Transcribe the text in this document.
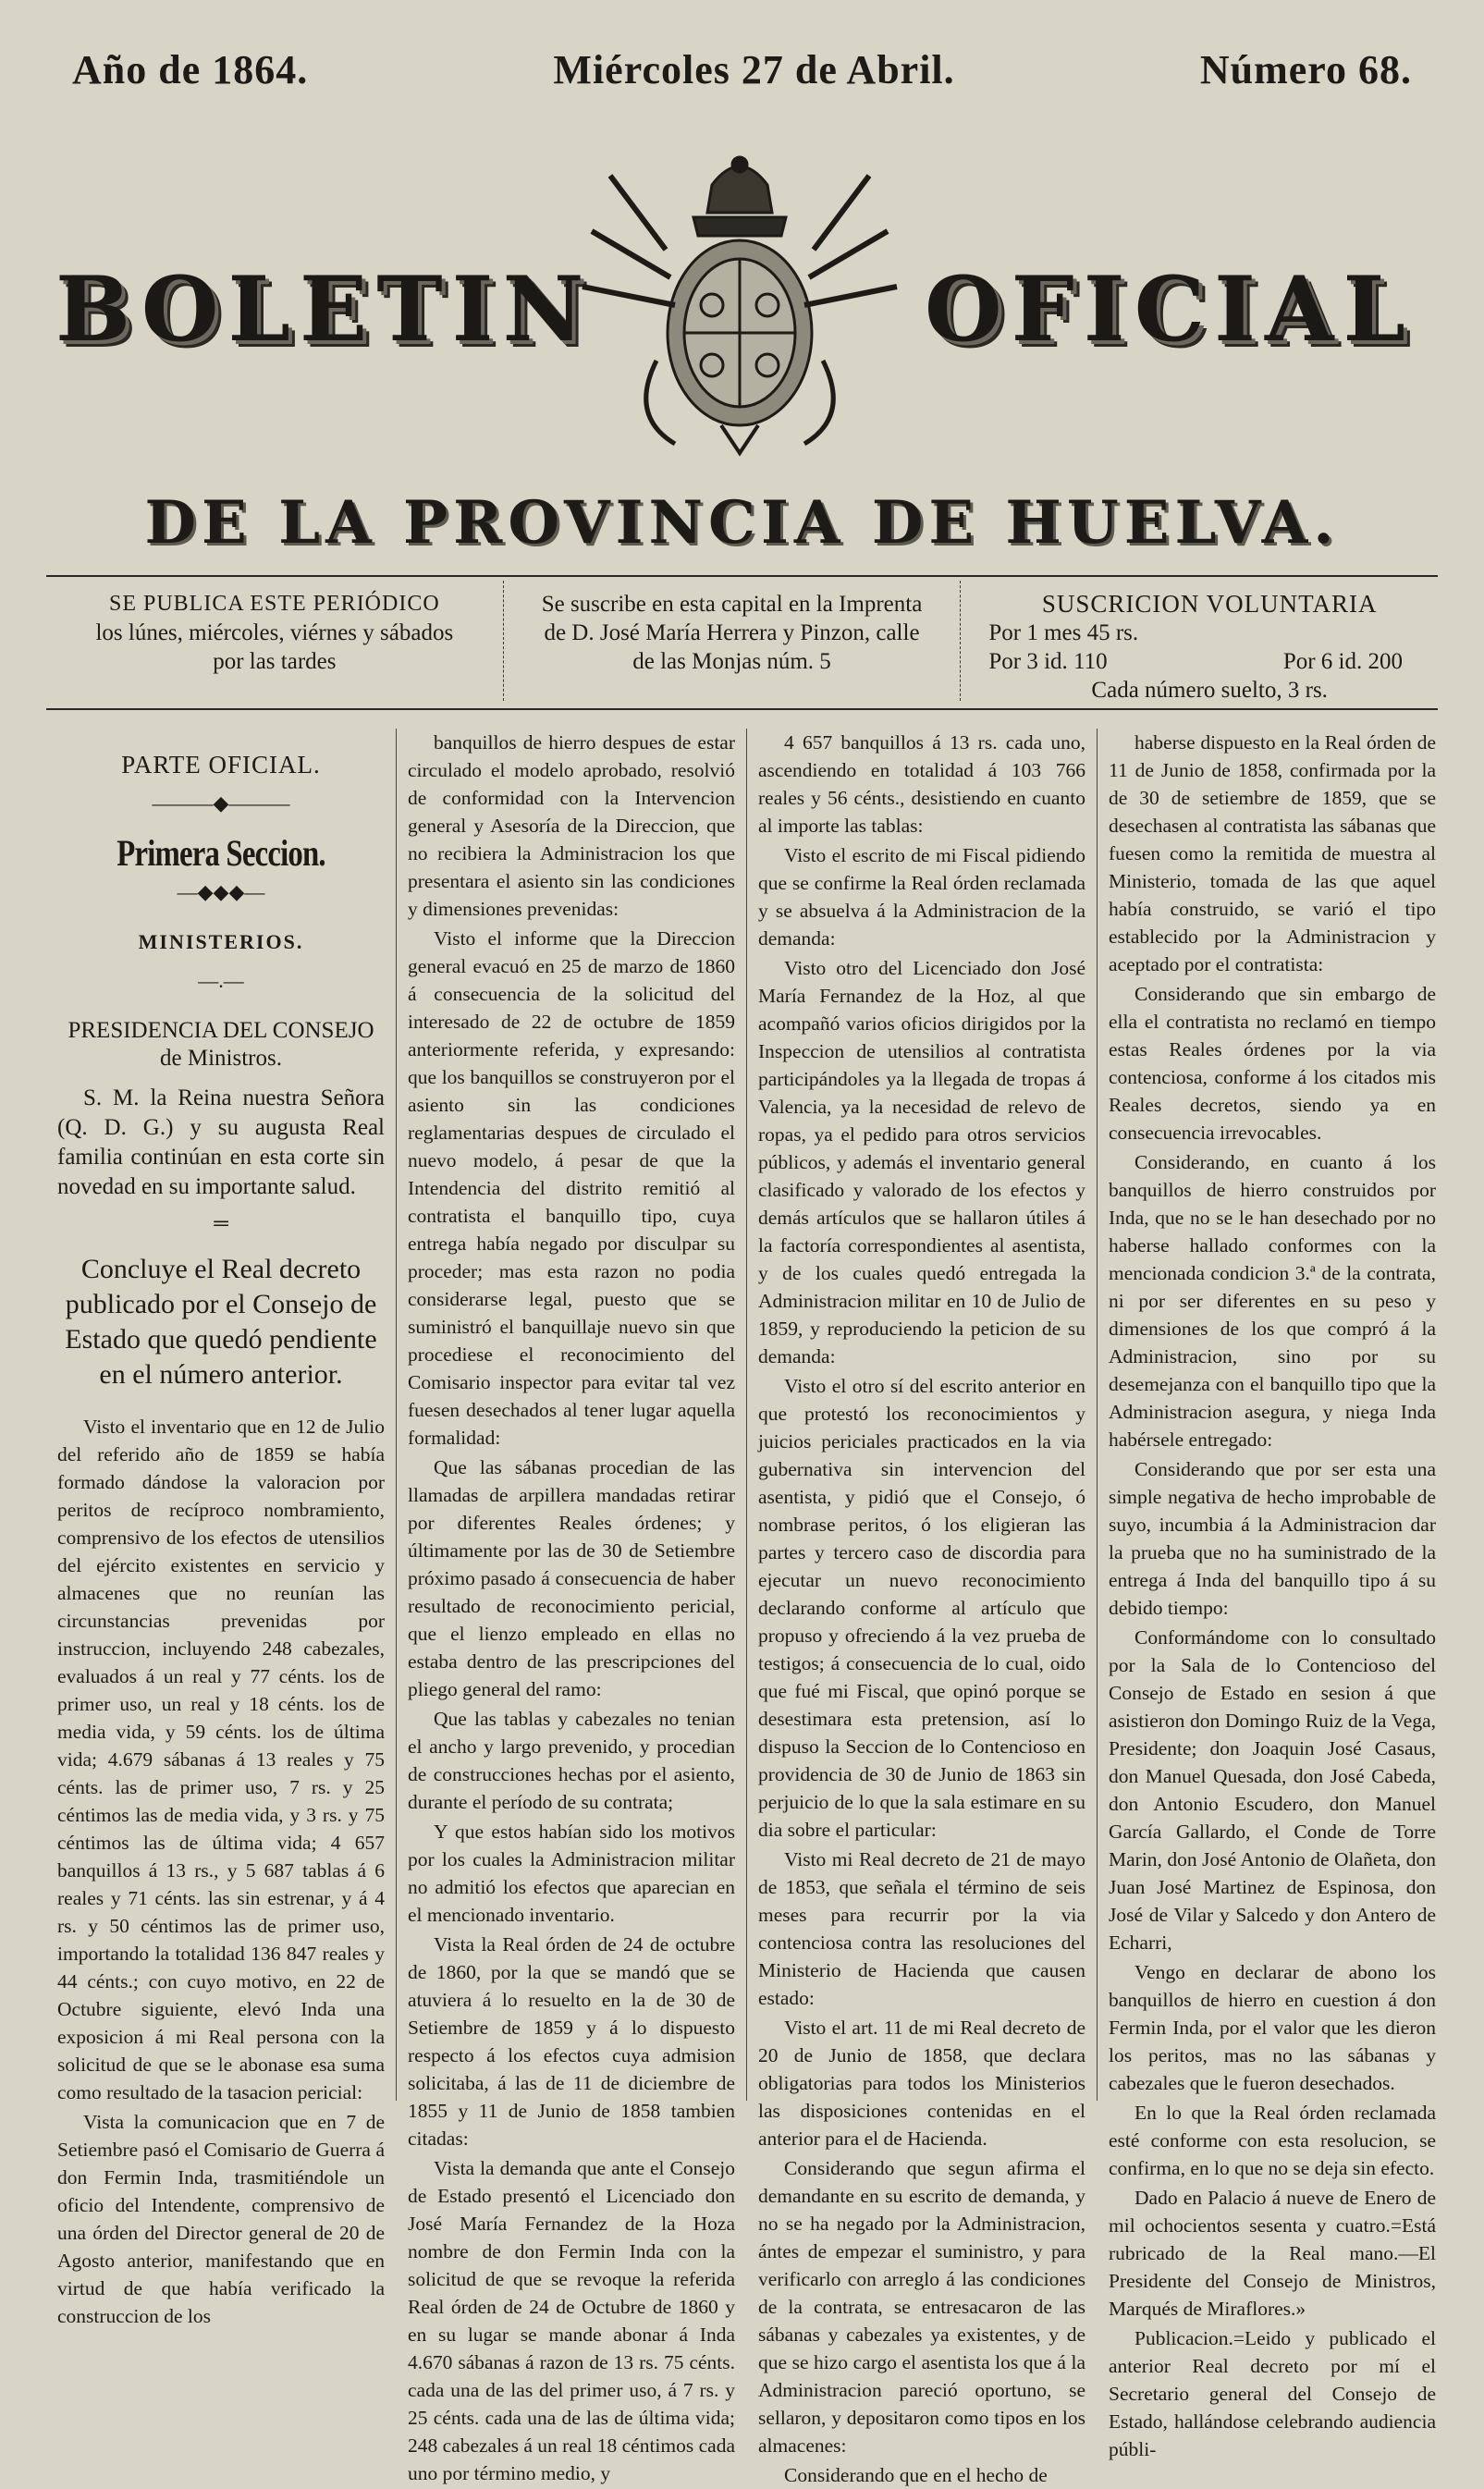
Año de 1864.	Miércoles 27 de Abril.	Número 68.
BOLETIN	OFICIAL
DE LA PROVINCIA DE HUELVA.
SE PUBLICA ESTE PERIÓDICO
los lúnes, miércoles, viérnes y sábados
por las tardes
Se suscribe en esta capital en la Imprenta
de D. José María Herrera y Pinzon, calle
de las Monjas núm. 5
SUSCRICION VOLUNTARIA
Por 1 mes 45 rs.
Por 3 id. 110	Por 6 id. 200
Cada número suelto, 3 rs.
PARTE OFICIAL.
———◆———
Primera Seccion.
—◆◆◆—
MINISTERIOS.
—.—
PRESIDENCIA DEL CONSEJO de Ministros.

S. M. la Reina nuestra Señora (Q. D. G.) y su augusta Real familia continúan en esta corte sin novedad en su importante salud.

═
Concluye el Real decreto publicado por el Consejo de Estado que quedó pendiente en el número anterior.

Visto el inventario que en 12 de Julio del referido año de 1859 se había formado dándose la valoracion por peritos de recíproco nombramiento, comprensivo de los efectos de utensilios del ejército existentes en servicio y almacenes que no reunían las circunstancias prevenidas por instruccion, incluyendo 248 cabezales, evaluados á un real y 77 cénts. los de primer uso, un real y 18 cénts. los de media vida, y 59 cénts. los de última vida; 4.679 sábanas á 13 reales y 75 cénts. las de primer uso, 7 rs. y 25 céntimos las de media vida, y 3 rs. y 75 céntimos las de última vida; 4 657 banquillos á 13 rs., y 5 687 tablas á 6 reales y 71 cénts. las sin estrenar, y á 4 rs. y 50 céntimos las de primer uso, importando la totalidad 136 847 reales y 44 cénts.; con cuyo motivo, en 22 de Octubre siguiente, elevó Inda una exposicion á mi Real persona con la solicitud de que se le abonase esa suma como resultado de la tasacion pericial:

Vista la comunicacion que en 7 de Setiembre pasó el Comisario de Guerra á don Fermin Inda, trasmitiéndole un oficio del Intendente, comprensivo de una órden del Director general de 20 de Agosto anterior, manifestando que en virtud de que había verificado la construccion de los

banquillos de hierro despues de estar circulado el modelo aprobado, resolvió de conformidad con la Intervencion general y Asesoría de la Direccion, que no recibiera la Administracion los que presentara el asiento sin las condiciones y dimensiones prevenidas:

Visto el informe que la Direccion general evacuó en 25 de marzo de 1860 á consecuencia de la solicitud del interesado de 22 de octubre de 1859 anteriormente referida, y expresando: que los banquillos se construyeron por el asiento sin las condiciones reglamentarias despues de circulado el nuevo modelo, á pesar de que la Intendencia del distrito remitió al contratista el banquillo tipo, cuya entrega había negado por disculpar su proceder; mas esta razon no podia considerarse legal, puesto que se suministró el banquillaje nuevo sin que procediese el reconocimiento del Comisario inspector para evitar tal vez fuesen desechados al tener lugar aquella formalidad:

Que las sábanas procedian de las llamadas de arpillera mandadas retirar por diferentes Reales órdenes; y últimamente por las de 30 de Setiembre próximo pasado á consecuencia de haber resultado de reconocimiento pericial, que el lienzo empleado en ellas no estaba dentro de las prescripciones del pliego general del ramo:

Que las tablas y cabezales no tenian el ancho y largo prevenido, y procedian de construcciones hechas por el asiento, durante el período de su contrata;

Y que estos habían sido los motivos por los cuales la Administracion militar no admitió los efectos que aparecian en el mencionado inventario.

Vista la Real órden de 24 de octubre de 1860, por la que se mandó que se atuviera á lo resuelto en la de 30 de Setiembre de 1859 y á lo dispuesto respecto á los efectos cuya admision solicitaba, á las de 11 de diciembre de 1855 y 11 de Junio de 1858 tambien citadas:

Vista la demanda que ante el Consejo de Estado presentó el Licenciado don José María Fernandez de la Hoza nombre de don Fermin Inda con la solicitud de que se revoque la referida Real órden de 24 de Octubre de 1860 y en su lugar se mande abonar á Inda 4.670 sábanas á razon de 13 rs. 75 cénts. cada una de las del primer uso, á 7 rs. y 25 cénts. cada una de las de última vida; 248 cabezales á un real 18 céntimos cada uno por término medio, y

4 657 banquillos á 13 rs. cada uno, ascendiendo en totalidad á 103 766 reales y 56 cénts., desistiendo en cuanto al importe las tablas:

Visto el escrito de mi Fiscal pidiendo que se confirme la Real órden reclamada y se absuelva á la Administracion de la demanda:

Visto otro del Licenciado don José María Fernandez de la Hoz, al que acompañó varios oficios dirigidos por la Inspeccion de utensilios al contratista participándoles ya la llegada de tropas á Valencia, ya la necesidad de relevo de ropas, ya el pedido para otros servicios públicos, y además el inventario general clasificado y valorado de los efectos y demás artículos que se hallaron útiles á la factoría correspondientes al asentista, y de los cuales quedó entregada la Administracion militar en 10 de Julio de 1859, y reproduciendo la peticion de su demanda:

Visto el otro sí del escrito anterior en que protestó los reconocimientos y juicios periciales practicados en la via gubernativa sin intervencion del asentista, y pidió que el Consejo, ó nombrase peritos, ó los eligieran las partes y tercero caso de discordia para ejecutar un nuevo reconocimiento declarando conforme al artículo que propuso y ofreciendo á la vez prueba de testigos; á consecuencia de lo cual, oido que fué mi Fiscal, que opinó porque se desestimara esta pretension, así lo dispuso la Seccion de lo Contencioso en providencia de 30 de Junio de 1863 sin perjuicio de lo que la sala estimare en su dia sobre el particular:

Visto mi Real decreto de 21 de mayo de 1853, que señala el término de seis meses para recurrir por la via contenciosa contra las resoluciones del Ministerio de Hacienda que causen estado:

Visto el art. 11 de mi Real decreto de 20 de Junio de 1858, que declara obligatorias para todos los Ministerios las disposiciones contenidas en el anterior para el de Hacienda.

Considerando que segun afirma el demandante en su escrito de demanda, y no se ha negado por la Administracion, ántes de empezar el suministro, y para verificarlo con arreglo á las condiciones de la contrata, se entresacaron de las sábanas y cabezales ya existentes, y de que se hizo cargo el asentista los que á la Administracion pareció oportuno, se sellaron, y depositaron como tipos en los almacenes:

Considerando que en el hecho de

haberse dispuesto en la Real órden de 11 de Junio de 1858, confirmada por la de 30 de setiembre de 1859, que se desechasen al contratista las sábanas que fuesen como la remitida de muestra al Ministerio, tomada de las que aquel había construido, se varió el tipo establecido por la Administracion y aceptado por el contratista:

Considerando que sin embargo de ella el contratista no reclamó en tiempo estas Reales órdenes por la via contenciosa, conforme á los citados mis Reales decretos, siendo ya en consecuencia irrevocables.

Considerando, en cuanto á los banquillos de hierro construidos por Inda, que no se le han desechado por no haberse hallado conformes con la mencionada condicion 3.ª de la contrata, ni por ser diferentes en su peso y dimensiones de los que compró á la Administracion, sino por su desemejanza con el banquillo tipo que la Administracion asegura, y niega Inda habérsele entregado:

Considerando que por ser esta una simple negativa de hecho improbable de suyo, incumbia á la Administracion dar la prueba que no ha suministrado de la entrega á Inda del banquillo tipo á su debido tiempo:

Conformándome con lo consultado por la Sala de lo Contencioso del Consejo de Estado en sesion á que asistieron don Domingo Ruiz de la Vega, Presidente; don Joaquin José Casaus, don Manuel Quesada, don José Cabeda, don Antonio Escudero, don Manuel García Gallardo, el Conde de Torre Marin, don José Antonio de Olañeta, don Juan José Martinez de Espinosa, don José de Vilar y Salcedo y don Antero de Echarri,

Vengo en declarar de abono los banquillos de hierro en cuestion á don Fermin Inda, por el valor que les dieron los peritos, mas no las sábanas y cabezales que le fueron desechados.

En lo que la Real órden reclamada esté conforme con esta resolucion, se confirma, en lo que no se deja sin efecto.

Dado en Palacio á nueve de Enero de mil ochocientos sesenta y cuatro.=Está rubricado de la Real mano.—El Presidente del Consejo de Ministros, Marqués de Miraflores.»

Publicacion.=Leido y publicado el anterior Real decreto por mí el Secretario general del Consejo de Estado, hallándose celebrando audiencia públi-
